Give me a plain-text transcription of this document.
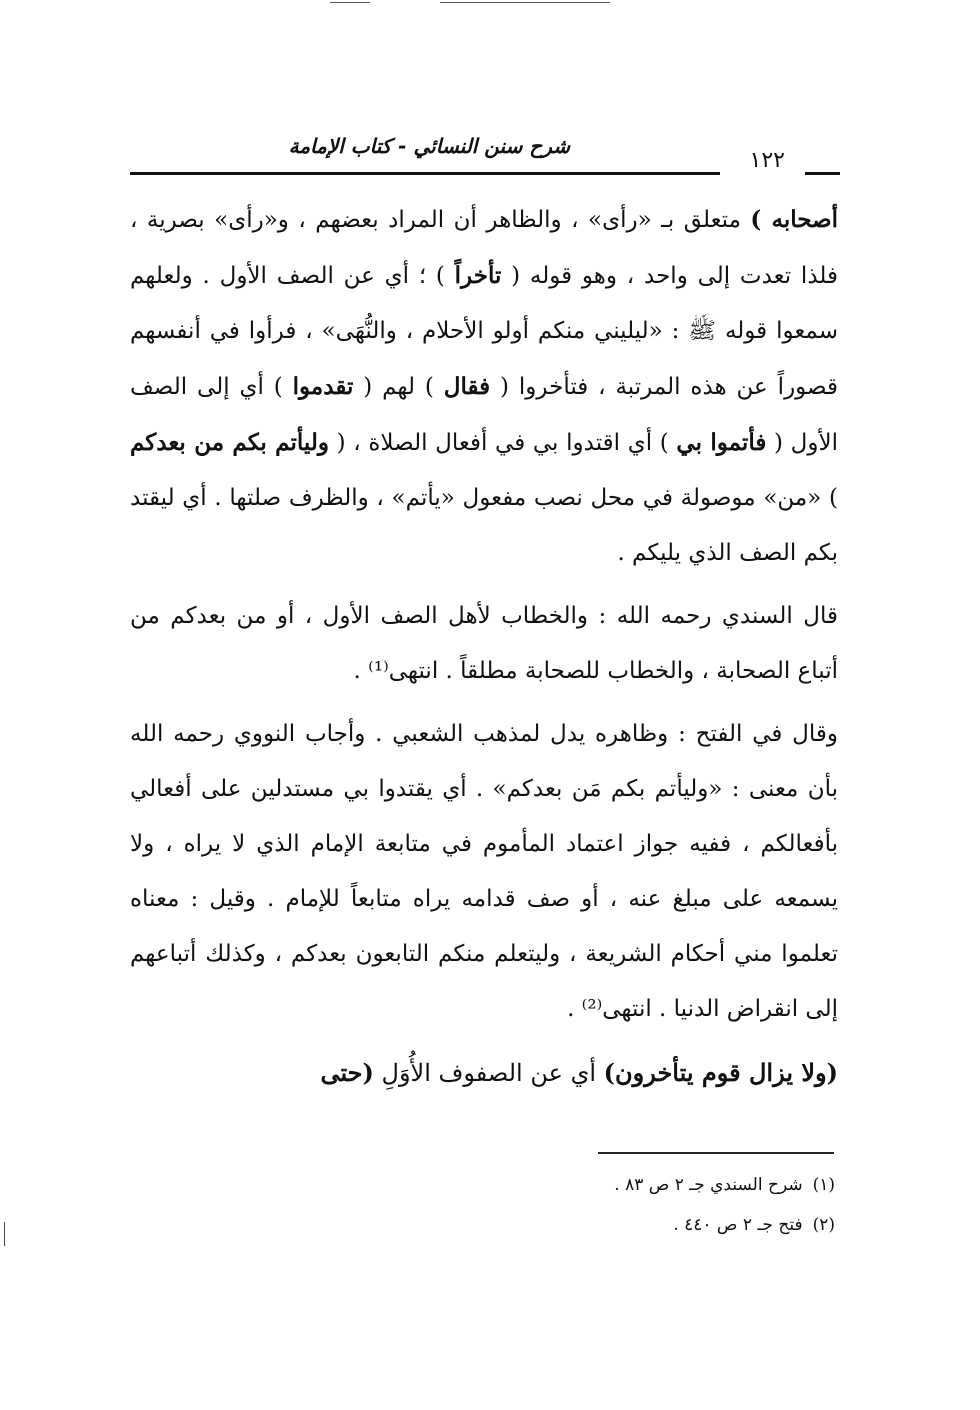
شرح سنن النسائي - كتاب الإمامة
١٢٢

أصحابه ) متعلق بـ «رأى» ، والظاهر أن المراد بعضهم ، و«رأى» بصرية ، فلذا تعدت إلى واحد ، وهو قوله ( تأخراً ) ؛ أي عن الصف الأول . ولعلهم سمعوا قوله ﷺ : «ليليني منكم أولو الأحلام ، والنُّهَى» ، فرأوا في أنفسهم قصوراً عن هذه المرتبة ، فتأخروا ( فقال ) لهم ( تقدموا ) أي إلى الصف الأول ( فأتموا بي ) أي اقتدوا بي في أفعال الصلاة ، ( وليأتم بكم من بعدكم ) «من» موصولة في محل نصب مفعول «يأتم» ، والظرف صلتها . أي ليقتد بكم الصف الذي يليكم .

قال السندي رحمه الله : والخطاب لأهل الصف الأول ، أو من بعدكم من أتباع الصحابة ، والخطاب للصحابة مطلقاً . انتهى⁽¹⁾ .

وقال في الفتح : وظاهره يدل لمذهب الشعبي . وأجاب النووي رحمه الله بأن معنى : «وليأتم بكم مَن بعدكم» . أي يقتدوا بي مستدلين على أفعالي بأفعالكم ، ففيه جواز اعتماد المأموم في متابعة الإمام الذي لا يراه ، ولا يسمعه على مبلغ عنه ، أو صف قدامه يراه متابعاً للإمام . وقيل : معناه تعلموا مني أحكام الشريعة ، وليتعلم منكم التابعون بعدكم ، وكذلك أتباعهم إلى انقراض الدنيا . انتهى⁽²⁾ .

(ولا يزال قوم يتأخرون) أي عن الصفوف الأُوَلِ (حتى

(١)شرح السندي جـ ٢ ص ٨٣ .

(٢)فتح جـ ٢ ص ٤٤٠ .
